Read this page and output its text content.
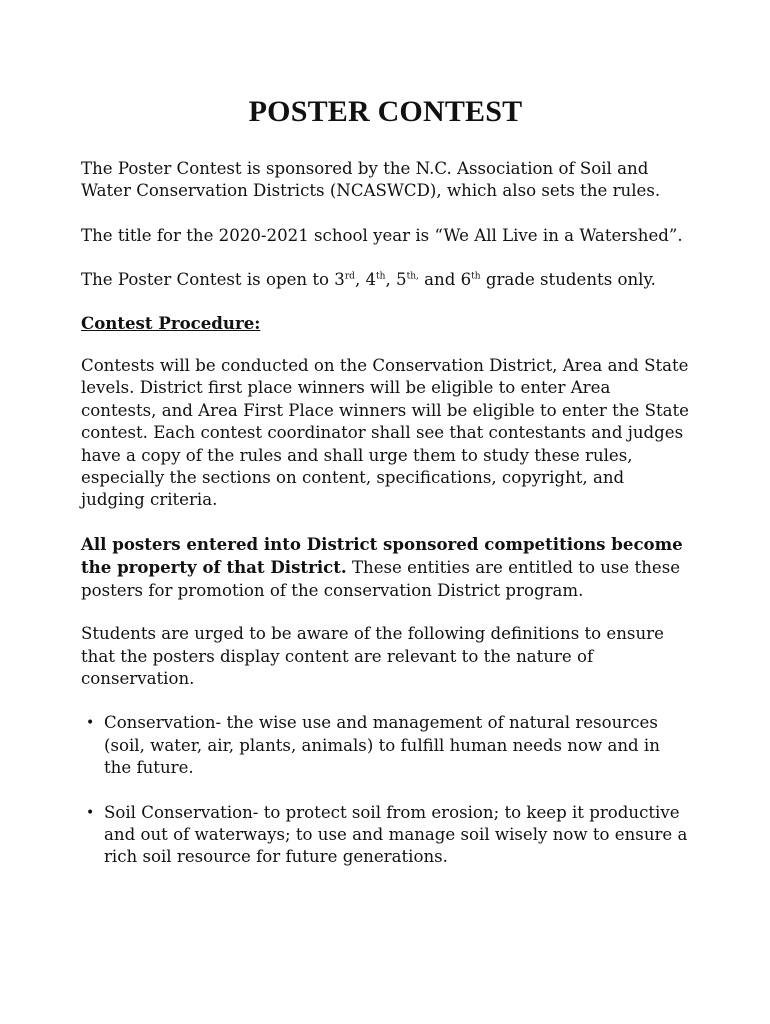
POSTER CONTEST

The Poster Contest is sponsored by the N.C. Association of Soil and Water Conservation Districts (NCASWCD), which also sets the rules.

The title for the 2020-2021 school year is “We All Live in a Watershed”.

The Poster Contest is open to 3rd, 4th, $5^{th,}$ and 6th grade students only.

Contest Procedure:

Contests will be conducted on the Conservation District, Area and State levels. District first place winners will be eligible to enter Area contests, and Area First Place winners will be eligible to enter the State contest. Each contest coordinator shall see that contestants and judges have a copy of the rules and shall urge them to study these rules, especially the sections on content, specifications, copyright, and judging criteria.

All posters entered into District sponsored competitions become the property of that District. These entities are entitled to use these posters for promotion of the conservation District program.

Students are urged to be aware of the following definitions to ensure that the posters display content are relevant to the nature of conservation.

• Conservation- the wise use and management of natural resources (soil, water, air, plants, animals) to fulfill human needs now and in the future.
• Soil Conservation- to protect soil from erosion; to keep it productive and out of waterways; to use and manage soil wisely now to ensure a rich soil resource for future generations.
